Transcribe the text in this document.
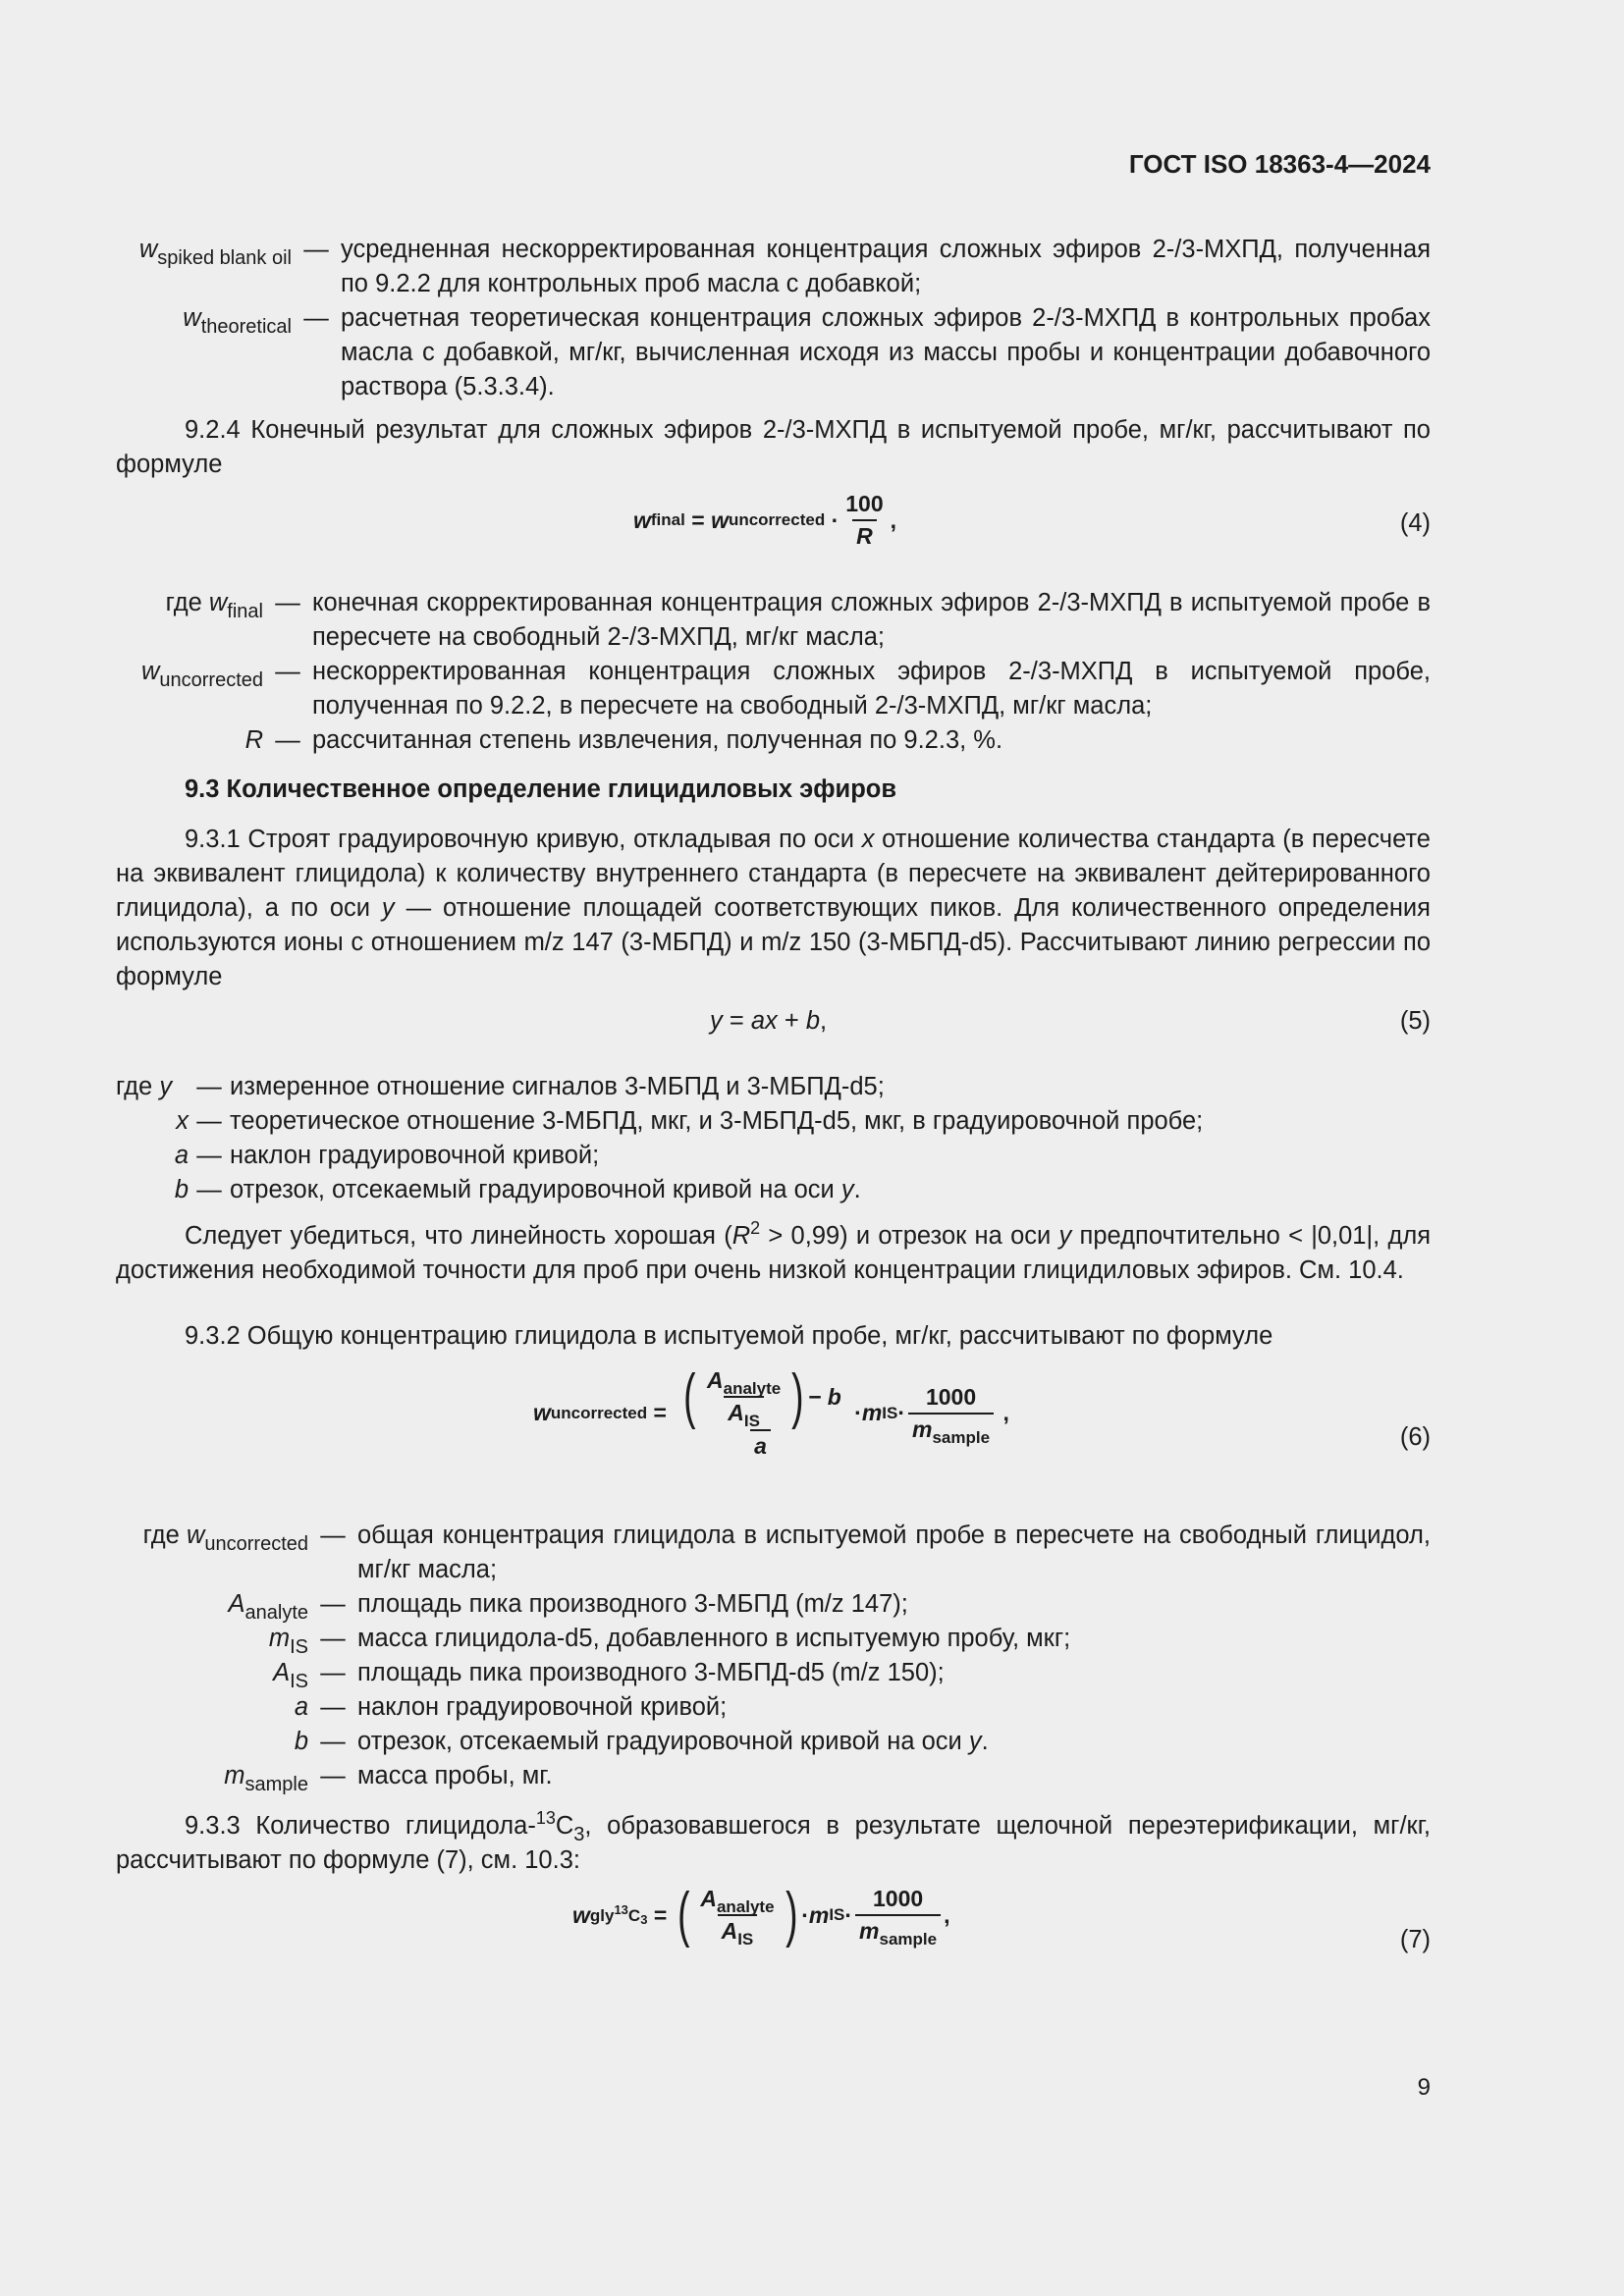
ГОСТ ISO 18363-4—2024
$w_{spiked blank oil}$ — усредненная нескорректированная концентрация сложных эфиров 2-/3-МХПД, полученная по 9.2.2 для контрольных проб масла с добавкой;
$w_{theoretical}$ — расчетная теоретическая концентрация сложных эфиров 2-/3-МХПД в контрольных пробах масла с добавкой, мг/кг, вычисленная исходя из массы пробы и концентрации добавочного раствора (5.3.3.4).
9.2.4 Конечный результат для сложных эфиров 2-/3-МХПД в испытуемой пробе, мг/кг, рассчитывают по формуле
w final = w uncorrected · $\frac{100}{R}$ ,	(4)
где $w_{final}$ — конечная скорректированная концентрация сложных эфиров 2-/3-МХПД в испытуемой пробе в пересчете на свободный 2-/3-МХПД, мг/кг масла;
$w_{uncorrected}$ — нескорректированная концентрация сложных эфиров 2-/3-МХПД в испытуемой пробе, полученная по 9.2.2, в пересчете на свободный 2-/3-МХПД, мг/кг масла;
R — рассчитанная степень извлечения, полученная по 9.2.3, %.
9.3 Количественное определение глицидиловых эфиров
9.3.1 Строят градуировочную кривую, откладывая по оси x отношение количества стандарта (в пересчете на эквивалент глицидола) к количеству внутреннего стандарта (в пересчете на эквивалент дейтерированного глицидола), а по оси y — отношение площадей соответствующих пиков. Для количественного определения используются ионы с отношением m/z 147 (3-МБПД) и m/z 150 (3-МБПД-d5). Рассчитывают линию регрессии по формуле
y = ax + b,	(5)
где y — измеренное отношение сигналов 3-МБПД и 3-МБПД-d5;
x — теоретическое отношение 3-МБПД, мкг, и 3-МБПД-d5, мкг, в градуировочной пробе;
a — наклон градуировочной кривой;
b — отрезок, отсекаемый градуировочной кривой на оси y.
Следует убедиться, что линейность хорошая $(R^2 > 0,99)$ и отрезок на оси y предпочтительно < |0,01|, для достижения необходимой точности для проб при очень низкой концентрации глицидиловых эфиров. См. 10.4.
9.3.2 Общую концентрацию глицидола в испытуемой пробе, мг/кг, рассчитывают по формуле
w uncorrected = ( $\frac{A_{analyte}}{A_{IS}}$ ) − b
a
· m IS · $\frac{1000}{m_{sample}}$ ,
(6)
где $w_{uncorrected}$ — общая концентрация глицидола в испытуемой пробе в пересчете на свободный глицидол, мг/кг масла;
$A_{analyte}$ — площадь пика производного 3-МБПД (m/z 147);
$m_{IS}$ — масса глицидола-d5, добавленного в испытуемую пробу, мкг;
$A_{IS}$ — площадь пика производного 3-МБПД-d5 (m/z 150);
a — наклон градуировочной кривой;
b — отрезок, отсекаемый градуировочной кривой на оси y.
$m_{sample}$ — масса пробы, мг.
9.3.3 Количество глицидола-$^{13}C_3$, образовавшегося в результате щелочной переэтерификации, мг/кг, рассчитывают по формуле (7), см. 10.3:
w gly$^{13}$C3 = ( $\frac{A_{analyte}}{A_{IS}}$ ) · m IS · $\frac{1000}{m_{sample}}$ ,
(7)
9
